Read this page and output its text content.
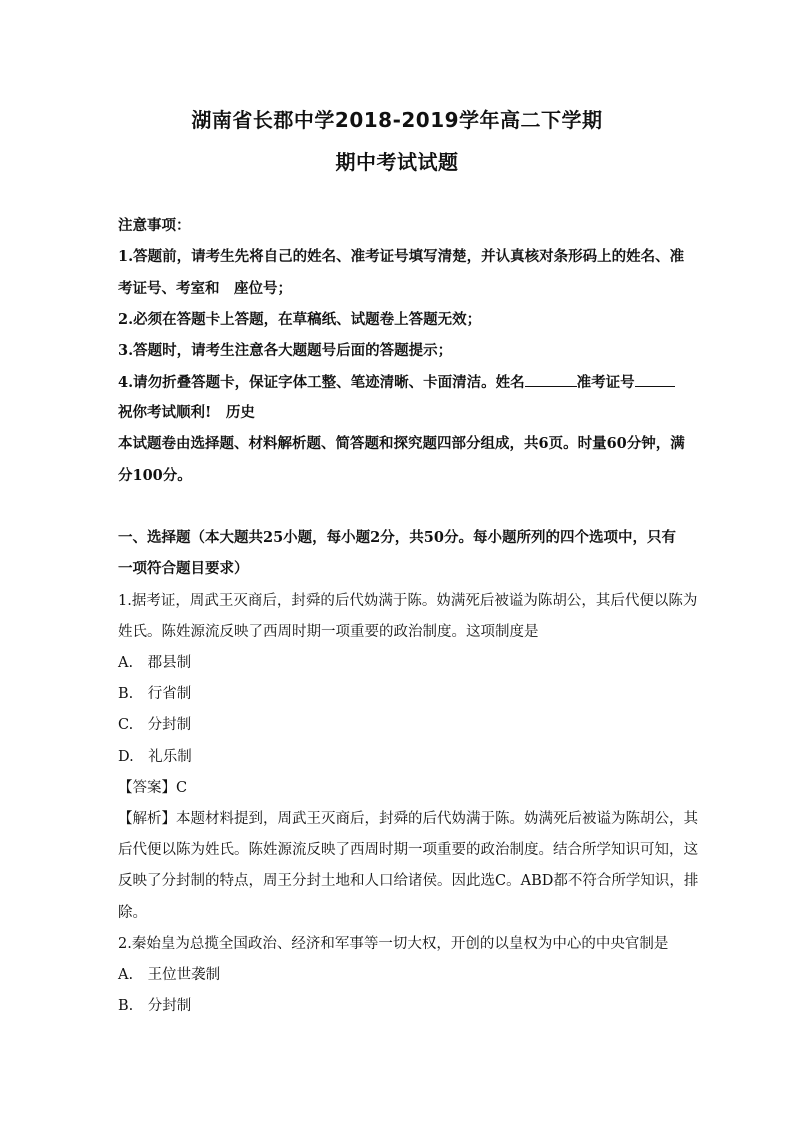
湖南省长郡中学2018-2019学年高二下学期
期中考试试题
注意事项：
1.答题前，请考生先将自己的姓名、准考证号填写清楚，并认真核对条形码上的姓名、准
考证号、考室和　座位号；
2.必须在答题卡上答题，在草稿纸、试题卷上答题无效；
3.答题时，请考生注意各大题题号后面的答题提示；
4.请勿折叠答题卡，保证字体工整、笔迹清晰、卡面清洁。姓名	准考证号
祝你考试顺利!　历史
本试题卷由选择题、材料解析题、简答题和探究题四部分组成，共6页。时量60分钟，满
分100分。
一、选择题（本大题共25小题，每小题2分，共50分。每小题所列的四个选项中，只有
一项符合题目要求）
1.据考证，周武王灭商后，封舜的后代妫满于陈。妫满死后被谥为陈胡公，其后代便以陈为
姓氏。陈姓源流反映了西周时期一项重要的政治制度。这项制度是
A.　郡县制
B.　行省制
C.　分封制
D.　礼乐制
【答案】C
【解析】本题材料提到，周武王灭商后，封舜的后代妫满于陈。妫满死后被谥为陈胡公，其
后代便以陈为姓氏。陈姓源流反映了西周时期一项重要的政治制度。结合所学知识可知，这
反映了分封制的特点，周王分封土地和人口给诸侯。因此选C。ABD都不符合所学知识，排
除。
2.秦始皇为总揽全国政治、经济和军事等一切大权，开创的以皇权为中心的中央官制是
A.　王位世袭制
B.　分封制
